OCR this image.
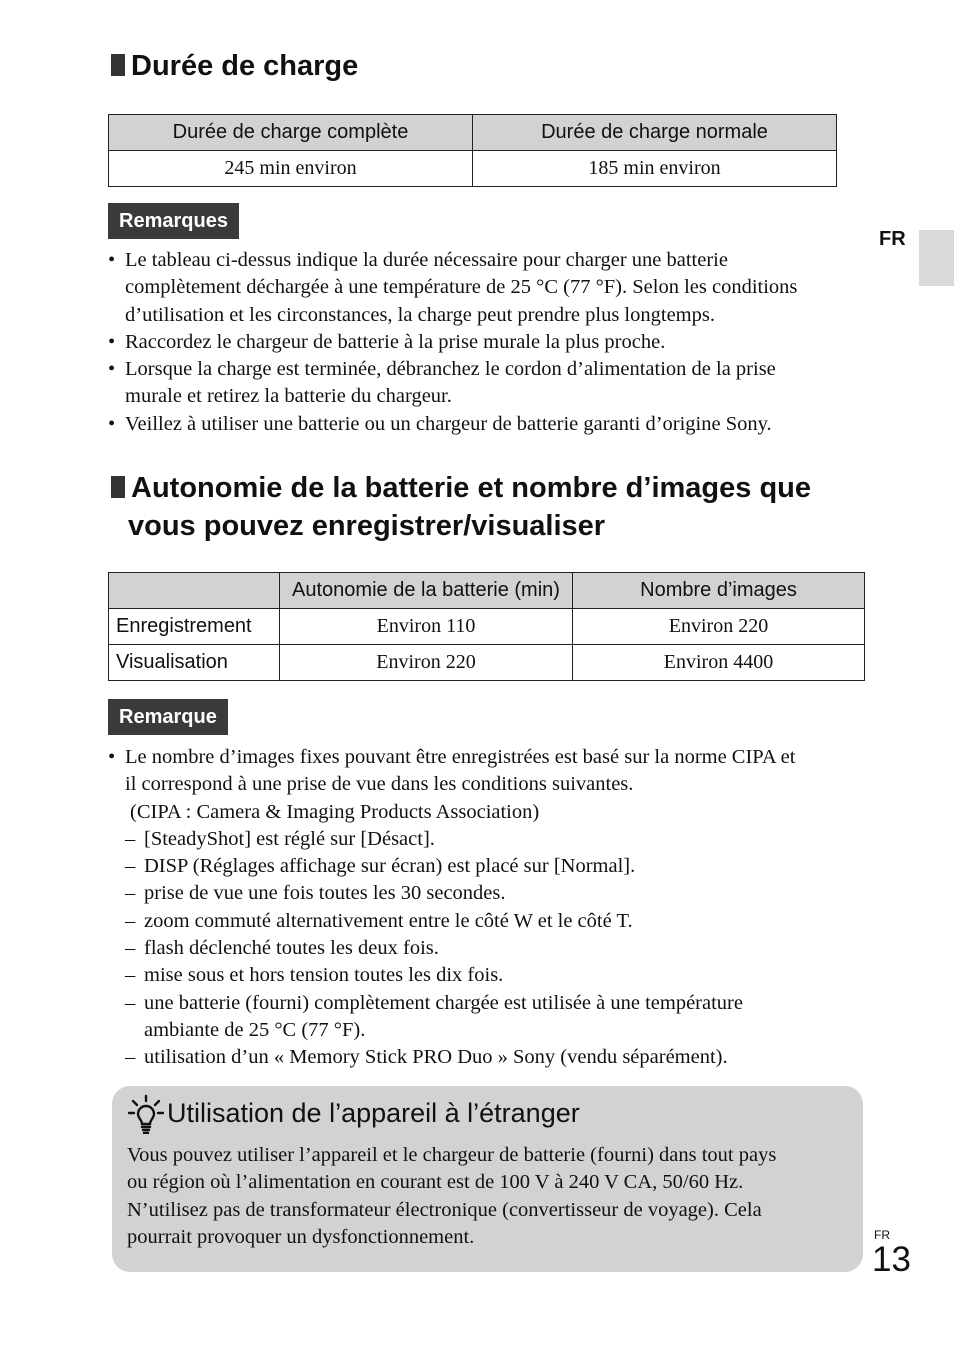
FR
Durée de charge
Durée de charge complète	Durée de charge normale
245 min environ	185 min environ
Remarques
• Le tableau ci-dessus indique la durée nécessaire pour charger une batterie
complètement déchargée à une température de 25 °C (77 °F). Selon les conditions
d’utilisation et les circonstances, la charge peut prendre plus longtemps.
• Raccordez le chargeur de batterie à la prise murale la plus proche.
• Lorsque la charge est terminée, débranchez le cordon d’alimentation de la prise
murale et retirez la batterie du chargeur.
• Veillez à utiliser une batterie ou un chargeur de batterie garanti d’origine Sony.
Autonomie de la batterie et nombre d’images que
vous pouvez enregistrer/visualiser
	Autonomie de la batterie (min)	Nombre d’images
Enregistrement	Environ 110	Environ 220
Visualisation	Environ 220	Environ 4400
Remarque
• Le nombre d’images fixes pouvant être enregistrées est basé sur la norme CIPA et
il correspond à une prise de vue dans les conditions suivantes.
(CIPA : Camera & Imaging Products Association)
– [SteadyShot] est réglé sur [Désact].
– DISP (Réglages affichage sur écran) est placé sur [Normal].
– prise de vue une fois toutes les 30 secondes.
– zoom commuté alternativement entre le côté W et le côté T.
– flash déclenché toutes les deux fois.
– mise sous et hors tension toutes les dix fois.
– une batterie (fourni) complètement chargée est utilisée à une température
ambiante de 25 °C (77 °F).
– utilisation d’un « Memory Stick PRO Duo » Sony (vendu séparément).
Utilisation de l’appareil à l’étranger
Vous pouvez utiliser l’appareil et le chargeur de batterie (fourni) dans tout pays
ou région où l’alimentation en courant est de 100 V à 240 V CA, 50/60 Hz.
N’utilisez pas de transformateur électronique (convertisseur de voyage). Cela
pourrait provoquer un dysfonctionnement.	FR
13
